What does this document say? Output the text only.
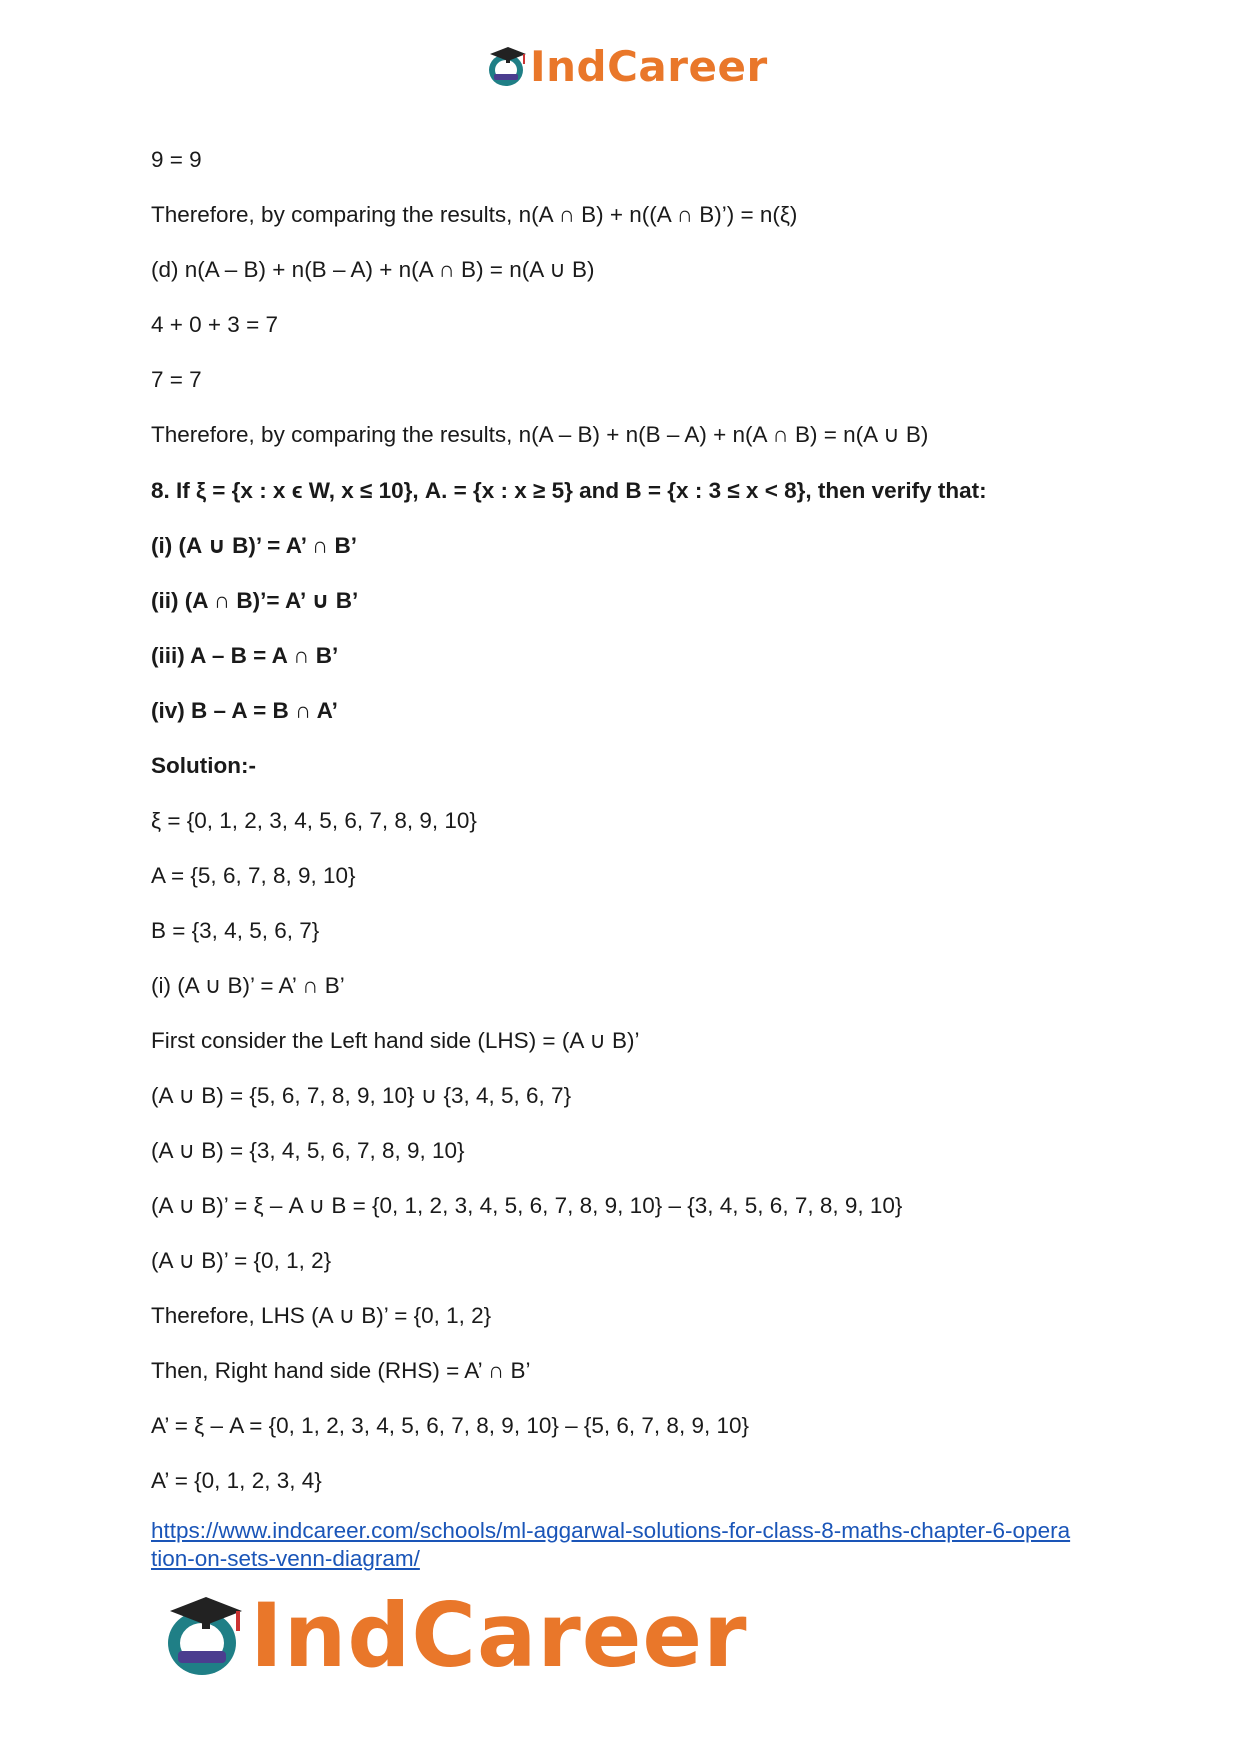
IndCareer
9 = 9
Therefore, by comparing the results, n(A ∩ B) + n((A ∩ B)’) = n(ξ)
(d) n(A – B) + n(B – A) + n(A ∩ B) = n(A ∪ B)
4 + 0 + 3 = 7
7 = 7
Therefore, by comparing the results, n(A – B) + n(B – A) + n(A ∩ B) = n(A ∪ B)
8. If ξ = {x : x ϵ W, x ≤ 10}, A. = {x : x ≥ 5} and B = {x : 3 ≤ x < 8}, then verify that:
(i) (A ∪ B)’ = A’ ∩ B’
(ii) (A ∩ B)’= A’ ∪ B’
(iii) A – B = A ∩ B’
(iv) B – A = B ∩ A’
Solution:-
ξ = {0, 1, 2, 3, 4, 5, 6, 7, 8, 9, 10}
A = {5, 6, 7, 8, 9, 10}
B = {3, 4, 5, 6, 7}
(i) (A ∪ B)’ = A’ ∩ B’
First consider the Left hand side (LHS) = (A ∪ B)’
(A ∪ B) = {5, 6, 7, 8, 9, 10} ∪ {3, 4, 5, 6, 7}
(A ∪ B) = {3, 4, 5, 6, 7, 8, 9, 10}
(A ∪ B)’ = ξ – A ∪ B = {0, 1, 2, 3, 4, 5, 6, 7, 8, 9, 10} – {3, 4, 5, 6, 7, 8, 9, 10}
(A ∪ B)’ = {0, 1, 2}
Therefore, LHS (A ∪ B)’ = {0, 1, 2}
Then, Right hand side (RHS) = A’ ∩ B’
A’ = ξ – A = {0, 1, 2, 3, 4, 5, 6, 7, 8, 9, 10} – {5, 6, 7, 8, 9, 10}
A’ = {0, 1, 2, 3, 4}
https://www.indcareer.com/schools/ml-aggarwal-solutions-for-class-8-maths-chapter-6-opera
tion-on-sets-venn-diagram/
IndCareer
